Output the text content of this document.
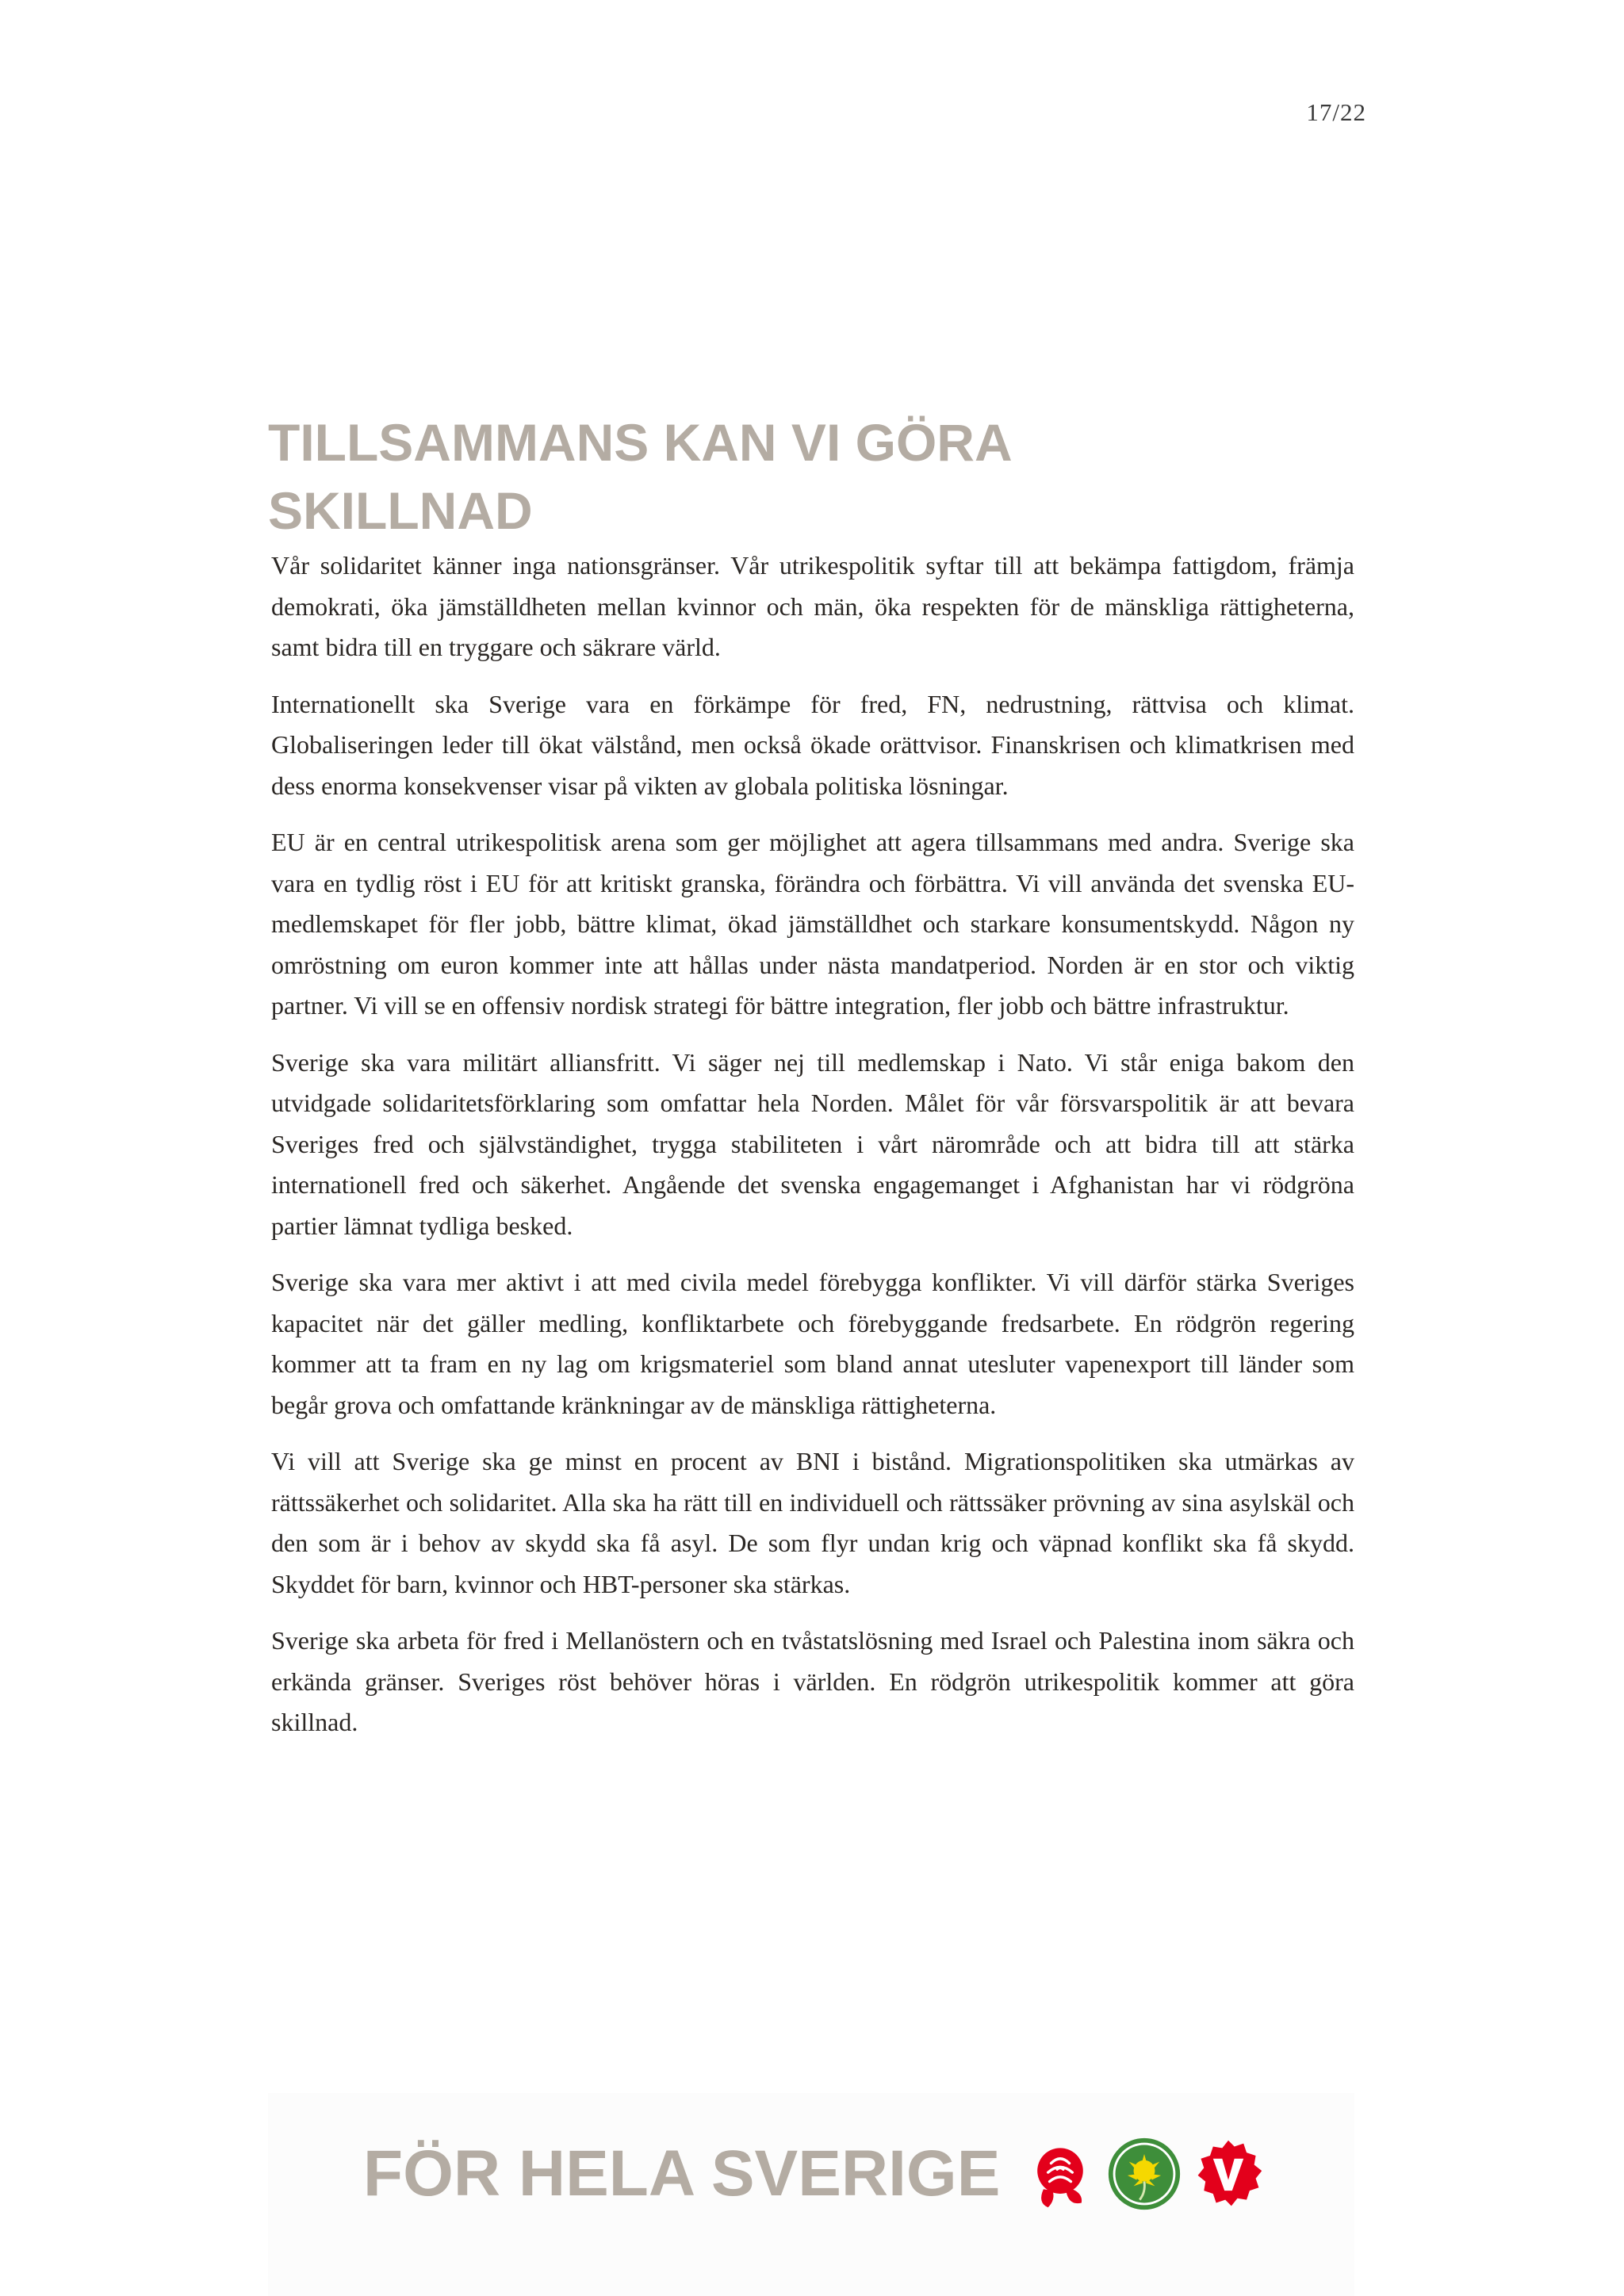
17/22
TILLSAMMANS KAN VI GÖRA
SKILLNAD

Vår solidaritet känner inga nationsgränser. Vår utrikespolitik syftar till att bekämpa fattigdom, främja demokrati, öka jämställdheten mellan kvinnor och män, öka respekten för de mänskliga rättigheterna, samt bidra till en tryggare och säkrare värld.

Internationellt ska Sverige vara en förkämpe för fred, FN, nedrustning, rättvisa och klimat. Globaliseringen leder till ökat välstånd, men också ökade orättvisor. Finanskrisen och klimatkrisen med dess enorma konsekvenser visar på vikten av globala politiska lösningar.

EU är en central utrikespolitisk arena som ger möjlighet att agera tillsammans med andra. Sverige ska vara en tydlig röst i EU för att kritiskt granska, förändra och förbättra. Vi vill använda det svenska EU-medlemskapet för fler jobb, bättre klimat, ökad jämställdhet och starkare konsumentskydd. Någon ny omröstning om euron kommer inte att hållas under nästa mandatperiod. Norden är en stor och viktig partner. Vi vill se en offensiv nordisk strategi för bättre integration, fler jobb och bättre infrastruktur.

Sverige ska vara militärt alliansfritt. Vi säger nej till medlemskap i Nato. Vi står eniga bakom den utvidgade solidaritetsförklaring som omfattar hela Norden. Målet för vår försvarspolitik är att bevara Sveriges fred och självständighet, trygga stabiliteten i vårt närområde och att bidra till att stärka internationell fred och säkerhet. Angående det svenska engagemanget i Afghanistan har vi rödgröna partier lämnat tydliga besked.

Sverige ska vara mer aktivt i att med civila medel förebygga konflikter. Vi vill därför stärka Sveriges kapacitet när det gäller medling, konfliktarbete och förebyggande fredsarbete. En rödgrön regering kommer att ta fram en ny lag om krigsmateriel som bland annat utesluter vapenexport till länder som begår grova och omfattande kränkningar av de mänskliga rättigheterna.

Vi vill att Sverige ska ge minst en procent av BNI i bistånd. Migrationspolitiken ska utmärkas av rättssäkerhet och solidaritet. Alla ska ha rätt till en individuell och rättssäker prövning av sina asylskäl och den som är i behov av skydd ska få asyl. De som flyr undan krig och väpnad konflikt ska få skydd. Skyddet för barn, kvinnor och HBT-personer ska stärkas.

Sverige ska arbeta för fred i Mellanöstern och en tvåstatslösning med Israel och Palestina inom säkra och erkända gränser. Sveriges röst behöver höras i världen. En rödgrön utrikespolitik kommer att göra skillnad.

FÖR HELA SVERIGE
